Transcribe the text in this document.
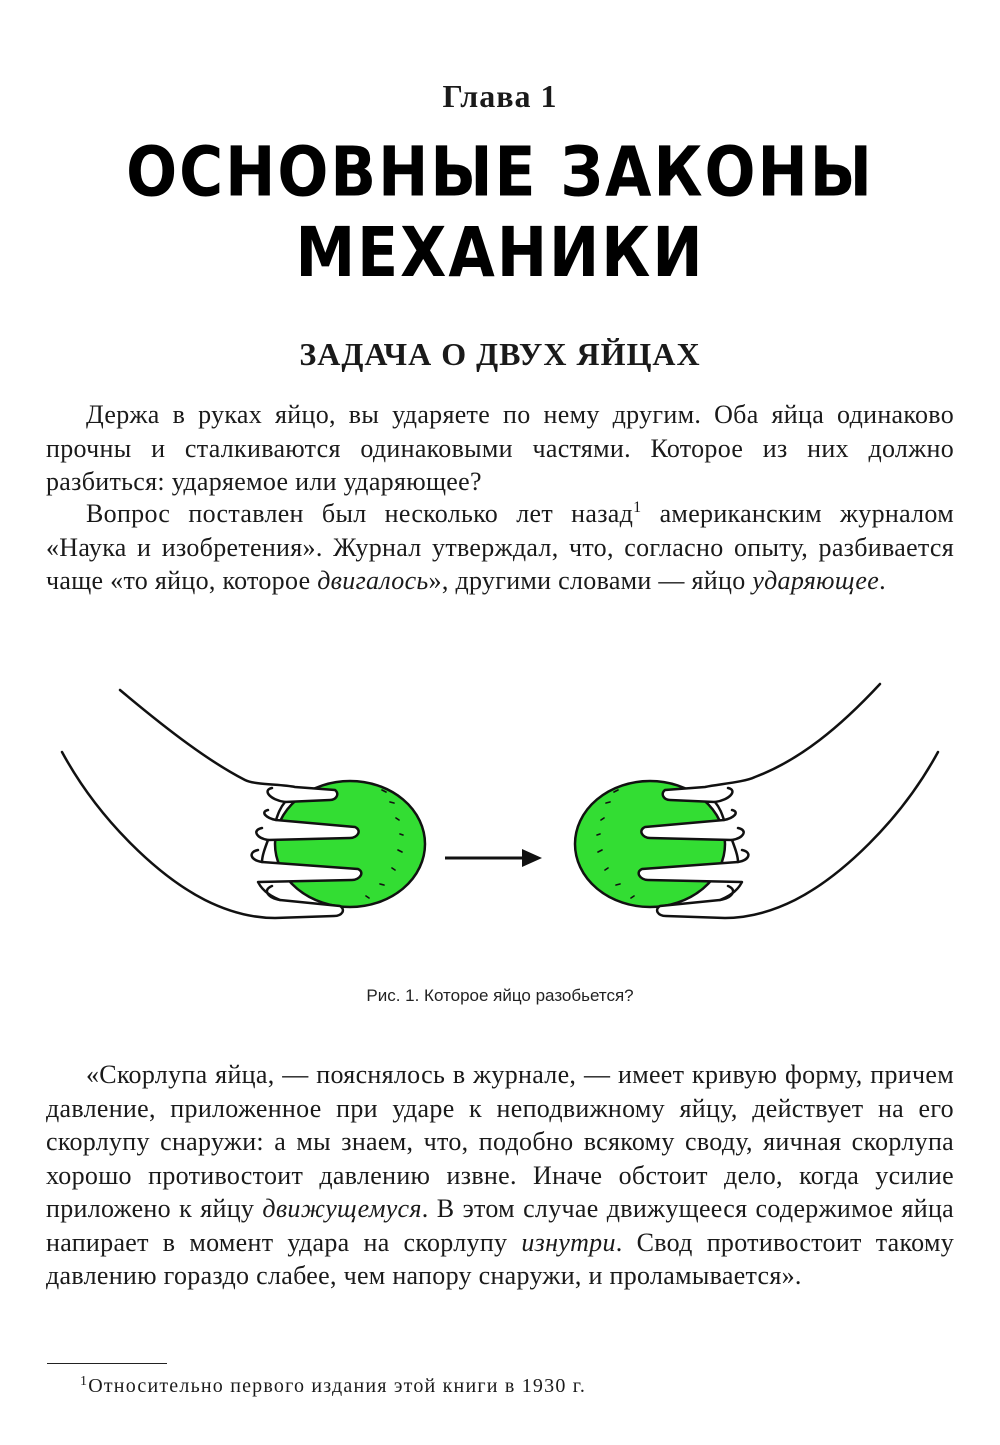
Глава 1
ОСНОВНЫЕ ЗАКОНЫ МЕХАНИКИ
ЗАДАЧА О ДВУХ ЯЙЦАХ

Держа в руках яйцо, вы ударяете по нему другим. Оба яйца одинаково прочны и сталкиваются одинаковыми частями. Которое из них должно разбиться: ударяемое или ударяющее?

Вопрос поставлен был несколько лет назад$^1$ американским журналом «Наука и изобретения». Журнал утверждал, что, согласно опыту, разбивается чаще «то яйцо, которое двигалось», другими словами — яйцо ударяющее.

Рис. 1. Которое яйцо разобьется?

«Скорлупа яйца, — пояснялось в журнале, — имеет кривую форму, причем давление, приложенное при ударе к неподвижному яйцу, действует на его скорлупу снаружи: а мы знаем, что, подобно всякому своду, яичная скорлупа хорошо противостоит давлению извне. Иначе обстоит дело, когда усилие приложено к яйцу движущемуся. В этом случае движущееся содержимое яйца напирает в момент удара на скорлупу изнутри. Свод противостоит такому давлению гораздо слабее, чем напору снаружи, и проламывается».

$^1$Относительно первого издания этой книги в 1930 г.
